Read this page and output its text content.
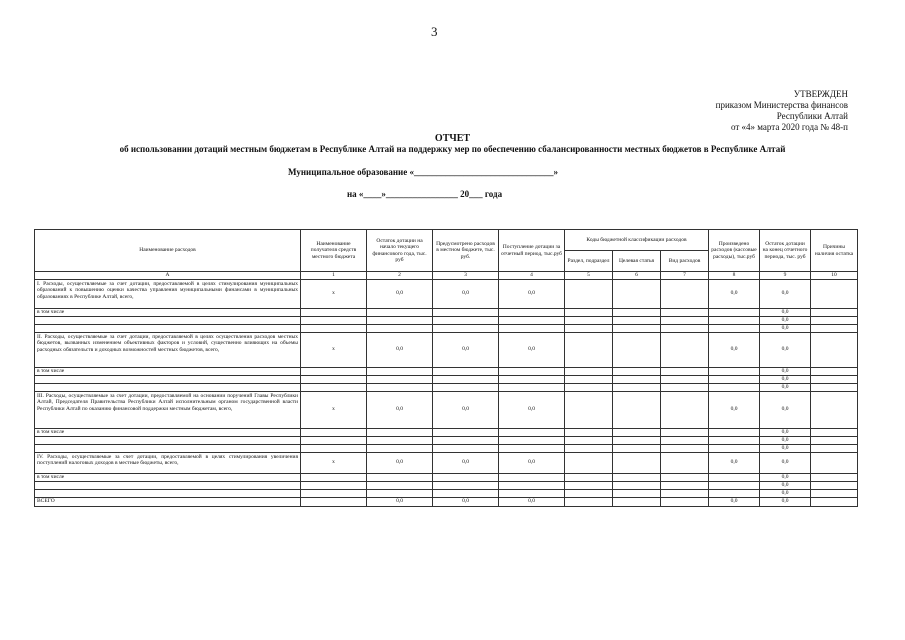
3
УТВЕРЖДЕН
приказом Министерства финансов
Республики Алтай
от «4» марта 2020 года № 48-п
ОТЧЕТ
об использовании дотаций местным бюджетам в Республике Алтай на поддержку мер по обеспечению сбалансированности местных бюджетов в Республике Алтай
Муниципальное образование «_______________________________»
на «____»________________ 20___ года
Наименование расходов	Наименование получателя средств местного бюджета	Остаток дотации на начало текущего финансового года, тыс. руб	Предусмотрено расходов в местном бюджете, тыс. руб.	Поступление дотации за отчетный период, тыс.руб	Коды бюджетной классификации расходов			Произведено расходов (кассовые расходы), тыс.руб	Остаток дотации на конец отчетного периода, тыс. руб	Причины наличия остатка
					Раздел, подраздел	Целевая статья	Вид расходов			
А	1	2	3	4	5	6	7	8	9	10
I. Расходы, осуществляемые за счет дотации, предоставляемой в целях стимулирования муниципальных образований к повышению оценки качества управления муниципальными финансами в муниципальных образованиях в Республике Алтай, всего,	х	0,0	0,0	0,0				0,0	0,0	
в том числе									0,0	
									0,0	
									0,0	
II. Расходы, осуществляемые за счет дотации, предоставляемой в целях осуществления расходов местных бюджетов, вызванных изменением объективных факторов и условий, существенно влияющих на объемы расходных обязательств и доходных возможностей местных бюджетов, всего,	х	0,0	0,0	0,0				0,0	0,0	
в том числе									0,0	
									0,0	
									0,0	
III. Расходы, осуществляемые за счет дотации, предоставляемой на основании поручений Главы Республики Алтай, Председателя Правительства Республики Алтай исполнительным органом государственной власти Республики Алтай по оказанию финансовой поддержки местным бюджетам, всего,	х	0,0	0,0	0,0				0,0	0,0	
в том числе									0,0	
									0,0	
									0,0	
IV. Расходы, осуществляемые за счет дотации, предоставляемой в целях стимулирования увеличения поступлений налоговых доходов в местные бюджеты, всего,	х	0,0	0,0	0,0				0,0	0,0	
в том числе									0,0	
									0,0	
									0,0	
ВСЕГО		0,0	0,0	0,0				0,0	0,0	
